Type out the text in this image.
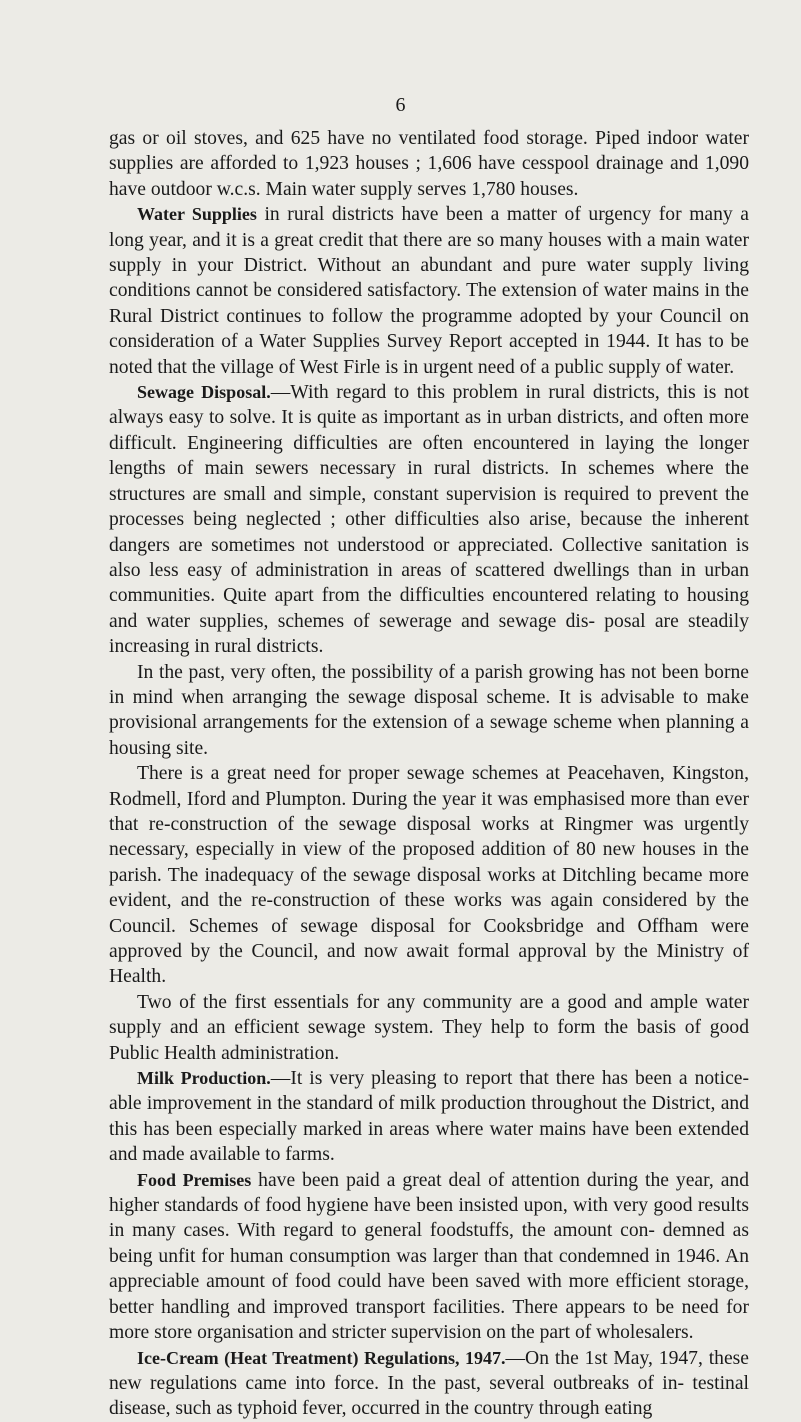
6

gas or oil stoves, and 625 have no ventilated food storage. Piped indoor water supplies are afforded to 1,923 houses ; 1,606 have cesspool drainage and 1,090 have outdoor w.c.s. Main water supply serves 1,780 houses.

Water Supplies in rural districts have been a matter of urgency for many a long year, and it is a great credit that there are so many houses with a main water supply in your District. Without an abundant and pure water supply living conditions cannot be considered satisfactory. The extension of water mains in the Rural District continues to follow the programme adopted by your Council on consideration of a Water Supplies Survey Report accepted in 1944. It has to be noted that the village of West Firle is in urgent need of a public supply of water.

Sewage Disposal.—With regard to this problem in rural districts, this is not always easy to solve. It is quite as important as in urban districts, and often more difficult. Engineering difficulties are often encountered in laying the longer lengths of main sewers necessary in rural districts. In schemes where the structures are small and simple, constant supervision is required to prevent the processes being neglected ; other difficulties also arise, because the inherent dangers are sometimes not understood or appreciated. Collective sanitation is also less easy of administration in areas of scattered dwellings than in urban communities. Quite apart from the difficulties encountered relating to housing and water supplies, schemes of sewerage and sewage dis- posal are steadily increasing in rural districts.

In the past, very often, the possibility of a parish growing has not been borne in mind when arranging the sewage disposal scheme. It is advisable to make provisional arrangements for the extension of a sewage scheme when planning a housing site.

There is a great need for proper sewage schemes at Peacehaven, Kingston, Rodmell, Iford and Plumpton. During the year it was emphasised more than ever that re-construction of the sewage disposal works at Ringmer was urgently necessary, especially in view of the proposed addition of 80 new houses in the parish. The inadequacy of the sewage disposal works at Ditchling became more evident, and the re-construction of these works was again considered by the Council. Schemes of sewage disposal for Cooksbridge and Offham were approved by the Council, and now await formal approval by the Ministry of Health.

Two of the first essentials for any community are a good and ample water supply and an efficient sewage system. They help to form the basis of good Public Health administration.

Milk Production.—It is very pleasing to report that there has been a notice- able improvement in the standard of milk production throughout the District, and this has been especially marked in areas where water mains have been extended and made available to farms.

Food Premises have been paid a great deal of attention during the year, and higher standards of food hygiene have been insisted upon, with very good results in many cases. With regard to general foodstuffs, the amount con- demned as being unfit for human consumption was larger than that condemned in 1946. An appreciable amount of food could have been saved with more efficient storage, better handling and improved transport facilities. There appears to be need for more store organisation and stricter supervision on the part of wholesalers.

Ice-Cream (Heat Treatment) Regulations, 1947.—On the 1st May, 1947, these new regulations came into force. In the past, several outbreaks of in- testinal disease, such as typhoid fever, occurred in the country through eating
